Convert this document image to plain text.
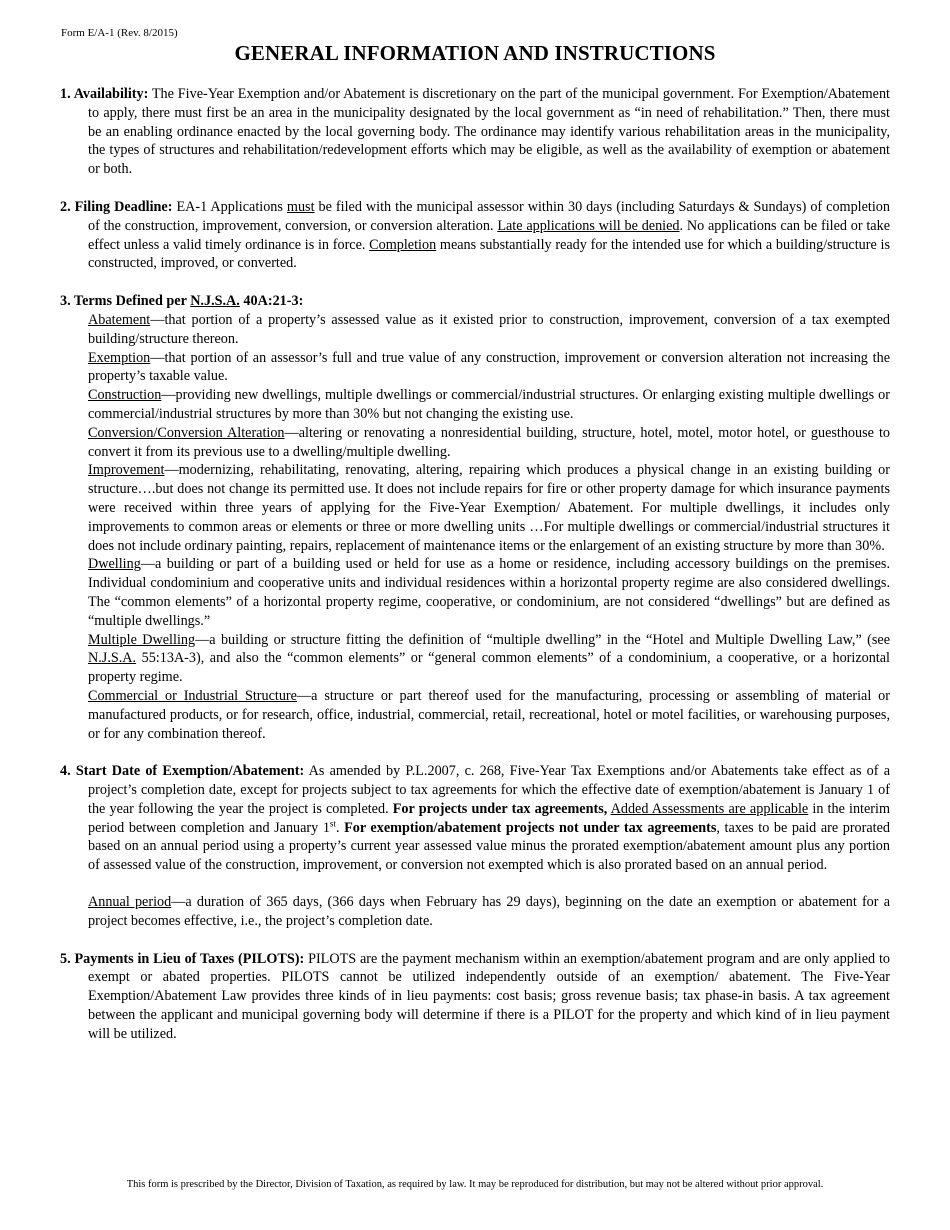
Form E/A-1 (Rev. 8/2015)
GENERAL INFORMATION AND INSTRUCTIONS

1. Availability: The Five-Year Exemption and/or Abatement is discretionary on the part of the municipal government. For Exemption/Abatement to apply, there must first be an area in the municipality designated by the local government as “in need of rehabilitation.” Then, there must be an enabling ordinance enacted by the local governing body. The ordinance may identify various rehabilitation areas in the municipality, the types of structures and rehabilitation/redevelopment efforts which may be eligible, as well as the availability of exemption or abatement or both.

2. Filing Deadline: EA-1 Applications must be filed with the municipal assessor within 30 days (including Saturdays & Sundays) of completion of the construction, improvement, conversion, or conversion alteration. Late applications will be denied. No applications can be filed or take effect unless a valid timely ordinance is in force. Completion means substantially ready for the intended use for which a building/structure is constructed, improved, or converted.

3. Terms Defined per N.J.S.A. 40A:21-3:

Abatement—that portion of a property’s assessed value as it existed prior to construction, improvement, conversion of a tax exempted building/structure thereon.

Exemption—that portion of an assessor’s full and true value of any construction, improvement or conversion alteration not increasing the property’s taxable value.

Construction—providing new dwellings, multiple dwellings or commercial/industrial structures. Or enlarging existing multiple dwellings or commercial/industrial structures by more than 30% but not changing the existing use.

Conversion/Conversion Alteration—altering or renovating a nonresidential building, structure, hotel, motel, motor hotel, or guesthouse to convert it from its previous use to a dwelling/multiple dwelling.

Improvement—modernizing, rehabilitating, renovating, altering, repairing which produces a physical change in an existing building or structure….but does not change its permitted use. It does not include repairs for fire or other property damage for which insurance payments were received within three years of applying for the Five-Year Exemption/ Abatement. For multiple dwellings, it includes only improvements to common areas or elements or three or more dwelling units …For multiple dwellings or commercial/industrial structures it does not include ordinary painting, repairs, replacement of maintenance items or the enlargement of an existing structure by more than 30%.

Dwelling—a building or part of a building used or held for use as a home or residence, including accessory buildings on the premises. Individual condominium and cooperative units and individual residences within a horizontal property regime are also considered dwellings. The “common elements” of a horizontal property regime, cooperative, or condominium, are not considered “dwellings” but are defined as “multiple dwellings.”

Multiple Dwelling—a building or structure fitting the definition of “multiple dwelling” in the “Hotel and Multiple Dwelling Law,” (see N.J.S.A. 55:13A-3), and also the “common elements” or “general common elements” of a condominium, a cooperative, or a horizontal property regime.

Commercial or Industrial Structure—a structure or part thereof used for the manufacturing, processing or assembling of material or manufactured products, or for research, office, industrial, commercial, retail, recreational, hotel or motel facilities, or warehousing purposes, or for any combination thereof.

4. Start Date of Exemption/Abatement: As amended by P.L.2007, c. 268, Five-Year Tax Exemptions and/or Abatements take effect as of a project’s completion date, except for projects subject to tax agreements for which the effective date of exemption/abatement is January 1 of the year following the year the project is completed. For projects under tax agreements, Added Assessments are applicable in the interim period between completion and January 1st. For exemption/abatement projects not under tax agreements, taxes to be paid are prorated based on an annual period using a property’s current year assessed value minus the prorated exemption/abatement amount plus any portion of assessed value of the construction, improvement, or conversion not exempted which is also prorated based on an annual period.

Annual period—a duration of 365 days, (366 days when February has 29 days), beginning on the date an exemption or abatement for a project becomes effective, i.e., the project’s completion date.

5. Payments in Lieu of Taxes (PILOTS): PILOTS are the payment mechanism within an exemption/abatement program and are only applied to exempt or abated properties. PILOTS cannot be utilized independently outside of an exemption/ abatement. The Five-Year Exemption/Abatement Law provides three kinds of in lieu payments: cost basis; gross revenue basis; tax phase-in basis. A tax agreement between the applicant and municipal governing body will determine if there is a PILOT for the property and which kind of in lieu payment will be utilized.

This form is prescribed by the Director, Division of Taxation, as required by law. It may be reproduced for distribution, but may not be altered without prior approval.
